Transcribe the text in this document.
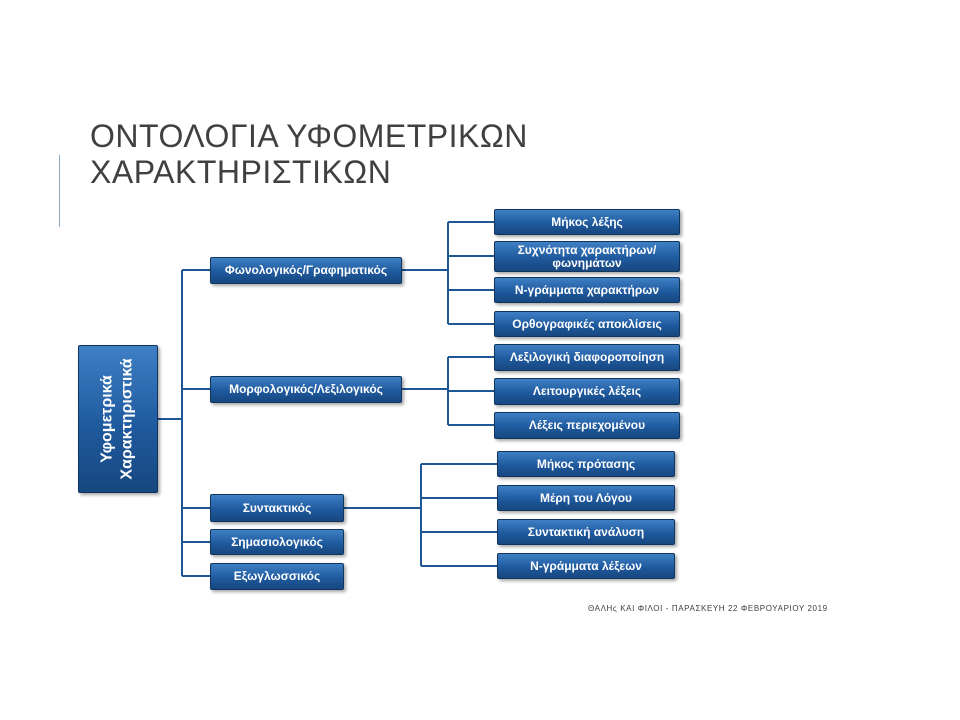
ΟΝΤΟΛΟΓΙΑ ΥΦΟΜΕΤΡΙΚΩΝ
ΧΑΡΑΚΤΗΡΙΣΤΙΚΩΝ
Υφομετρικά Χαρακτηριστικά
Φωνολογικός/Γραφηματικός
Μορφολογικός/Λεξιλογικός
Συντακτικός
Σημασιολογικός
Εξωγλωσσικός
Μήκος λέξης
Συχνότητα χαρακτήρων/φωνημάτων
Ν-γράμματα χαρακτήρων
Ορθογραφικές αποκλίσεις
Λεξιλογική διαφοροποίηση
Λειτουργικές λέξεις
Λέξεις περιεχομένου
Μήκος πρότασης
Μέρη του Λόγου
Συντακτική ανάλυση
Ν-γράμματα λέξεων
ΘΑΛΗς ΚΑΙ ΦΙΛΟΙ - ΠΑΡΑΣΚΕΥΗ 22 ΦΕΒΡΟΥΑΡΙΟΥ 2019
